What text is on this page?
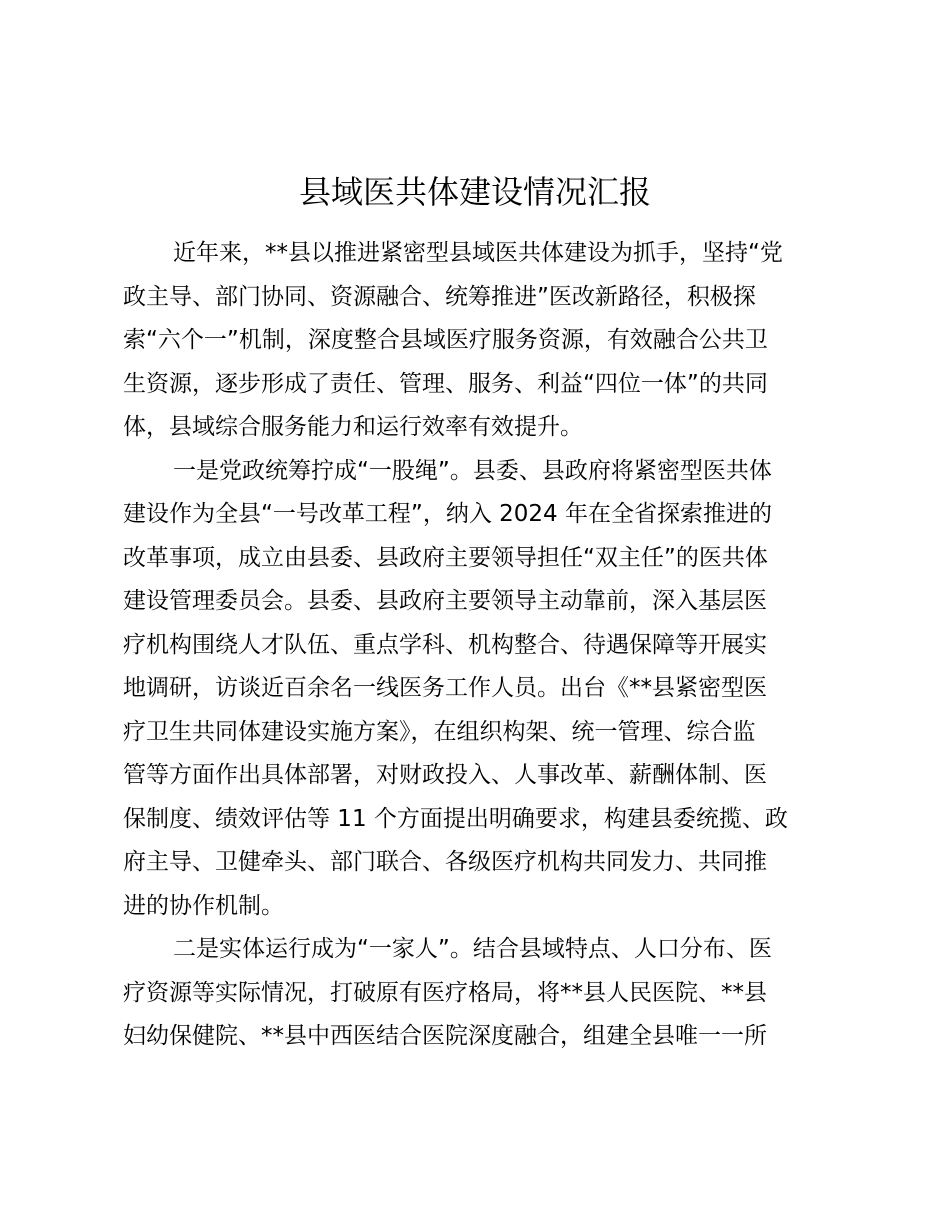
县域医共体建设情况汇报
近年来，**县以推进紧密型县域医共体建设为抓手，坚持“党
政主导、部门协同、资源融合、统筹推进”医改新路径，积极探
索“六个一”机制，深度整合县域医疗服务资源，有效融合公共卫
生资源，逐步形成了责任、管理、服务、利益“四位一体”的共同
体，县域综合服务能力和运行效率有效提升。
一是党政统筹拧成“一股绳”。县委、县政府将紧密型医共体
建设作为全县“一号改革工程”，纳入 2024 年在全省探索推进的
改革事项，成立由县委、县政府主要领导担任“双主任”的医共体
建设管理委员会。县委、县政府主要领导主动靠前，深入基层医
疗机构围绕人才队伍、重点学科、机构整合、待遇保障等开展实
地调研，访谈近百余名一线医务工作人员。出台《**县紧密型医
疗卫生共同体建设实施方案》，在组织构架、统一管理、综合监
管等方面作出具体部署，对财政投入、人事改革、薪酬体制、医
保制度、绩效评估等 11 个方面提出明确要求，构建县委统揽、政
府主导、卫健牵头、部门联合、各级医疗机构共同发力、共同推
进的协作机制。
二是实体运行成为“一家人”。结合县域特点、人口分布、医
疗资源等实际情况，打破原有医疗格局，将**县人民医院、**县
妇幼保健院、**县中西医结合医院深度融合，组建全县唯一一所
